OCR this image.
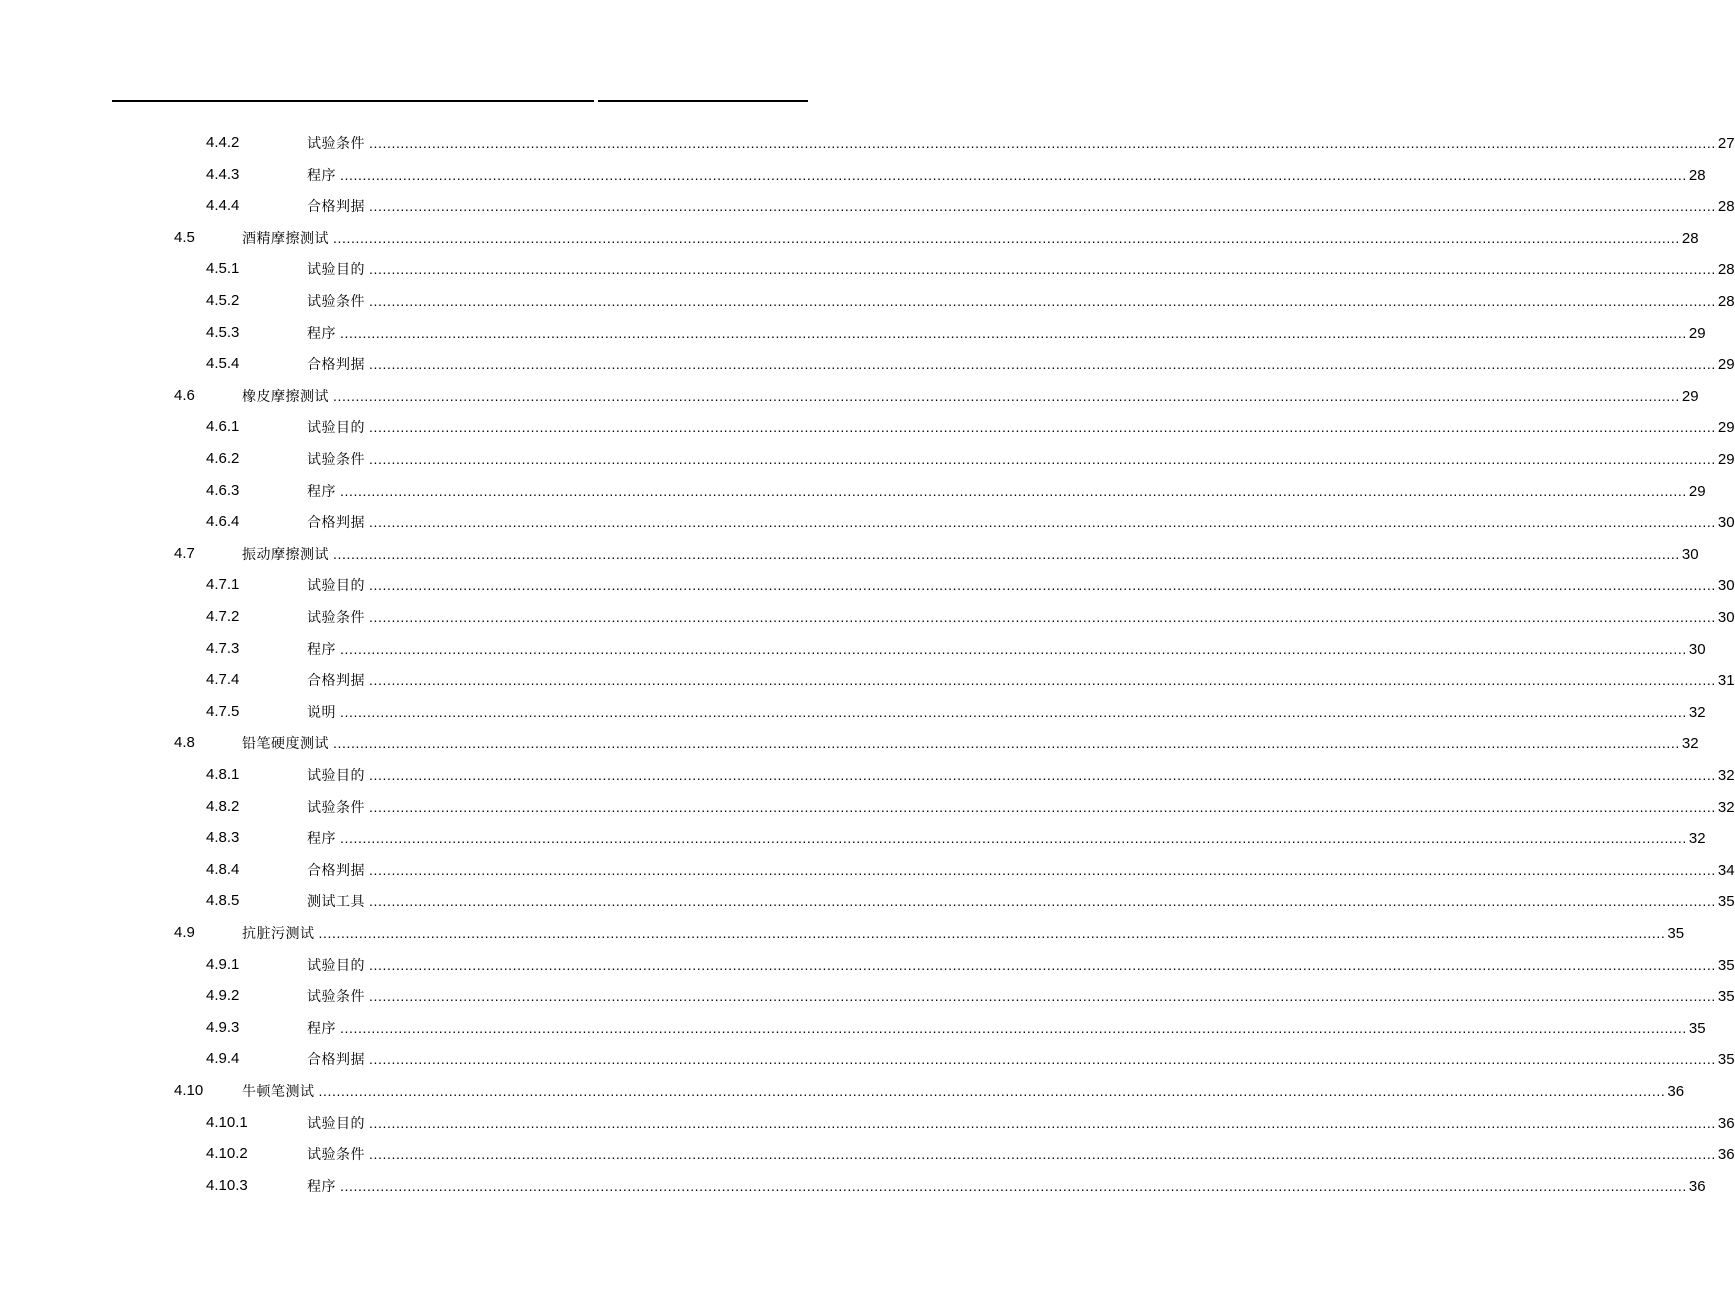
4.4.2	试验条件 ............................................................................................................................................................................................................................................................................................................ 27
4.4.3	程序 ............................................................................................................................................................................................................................................................................................................ 28
4.4.4	合格判据 ............................................................................................................................................................................................................................................................................................................ 28
4.5	酒精摩擦测试 ............................................................................................................................................................................................................................................................................................................ 28
4.5.1	试验目的 ............................................................................................................................................................................................................................................................................................................ 28
4.5.2	试验条件 ............................................................................................................................................................................................................................................................................................................ 28
4.5.3	程序 ............................................................................................................................................................................................................................................................................................................ 29
4.5.4	合格判据 ............................................................................................................................................................................................................................................................................................................ 29
4.6	橡皮摩擦测试 ............................................................................................................................................................................................................................................................................................................ 29
4.6.1	试验目的 ............................................................................................................................................................................................................................................................................................................ 29
4.6.2	试验条件 ............................................................................................................................................................................................................................................................................................................ 29
4.6.3	程序 ............................................................................................................................................................................................................................................................................................................ 29
4.6.4	合格判据 ............................................................................................................................................................................................................................................................................................................ 30
4.7	振动摩擦测试 ............................................................................................................................................................................................................................................................................................................ 30
4.7.1	试验目的 ............................................................................................................................................................................................................................................................................................................ 30
4.7.2	试验条件 ............................................................................................................................................................................................................................................................................................................ 30
4.7.3	程序 ............................................................................................................................................................................................................................................................................................................ 30
4.7.4	合格判据 ............................................................................................................................................................................................................................................................................................................ 31
4.7.5	说明 ............................................................................................................................................................................................................................................................................................................ 32
4.8	铅笔硬度测试 ............................................................................................................................................................................................................................................................................................................ 32
4.8.1	试验目的 ............................................................................................................................................................................................................................................................................................................ 32
4.8.2	试验条件 ............................................................................................................................................................................................................................................................................................................ 32
4.8.3	程序 ............................................................................................................................................................................................................................................................................................................ 32
4.8.4	合格判据 ............................................................................................................................................................................................................................................................................................................ 34
4.8.5	测试工具 ............................................................................................................................................................................................................................................................................................................ 35
4.9	抗脏污测试 ............................................................................................................................................................................................................................................................................................................ 35
4.9.1	试验目的 ............................................................................................................................................................................................................................................................................................................ 35
4.9.2	试验条件 ............................................................................................................................................................................................................................................................................................................ 35
4.9.3	程序 ............................................................................................................................................................................................................................................................................................................ 35
4.9.4	合格判据 ............................................................................................................................................................................................................................................................................................................ 35
4.10	牛顿笔测试 ............................................................................................................................................................................................................................................................................................................ 36
4.10.1	试验目的 ............................................................................................................................................................................................................................................................................................................ 36
4.10.2	试验条件 ............................................................................................................................................................................................................................................................................................................ 36
4.10.3	程序 ............................................................................................................................................................................................................................................................................................................ 36
